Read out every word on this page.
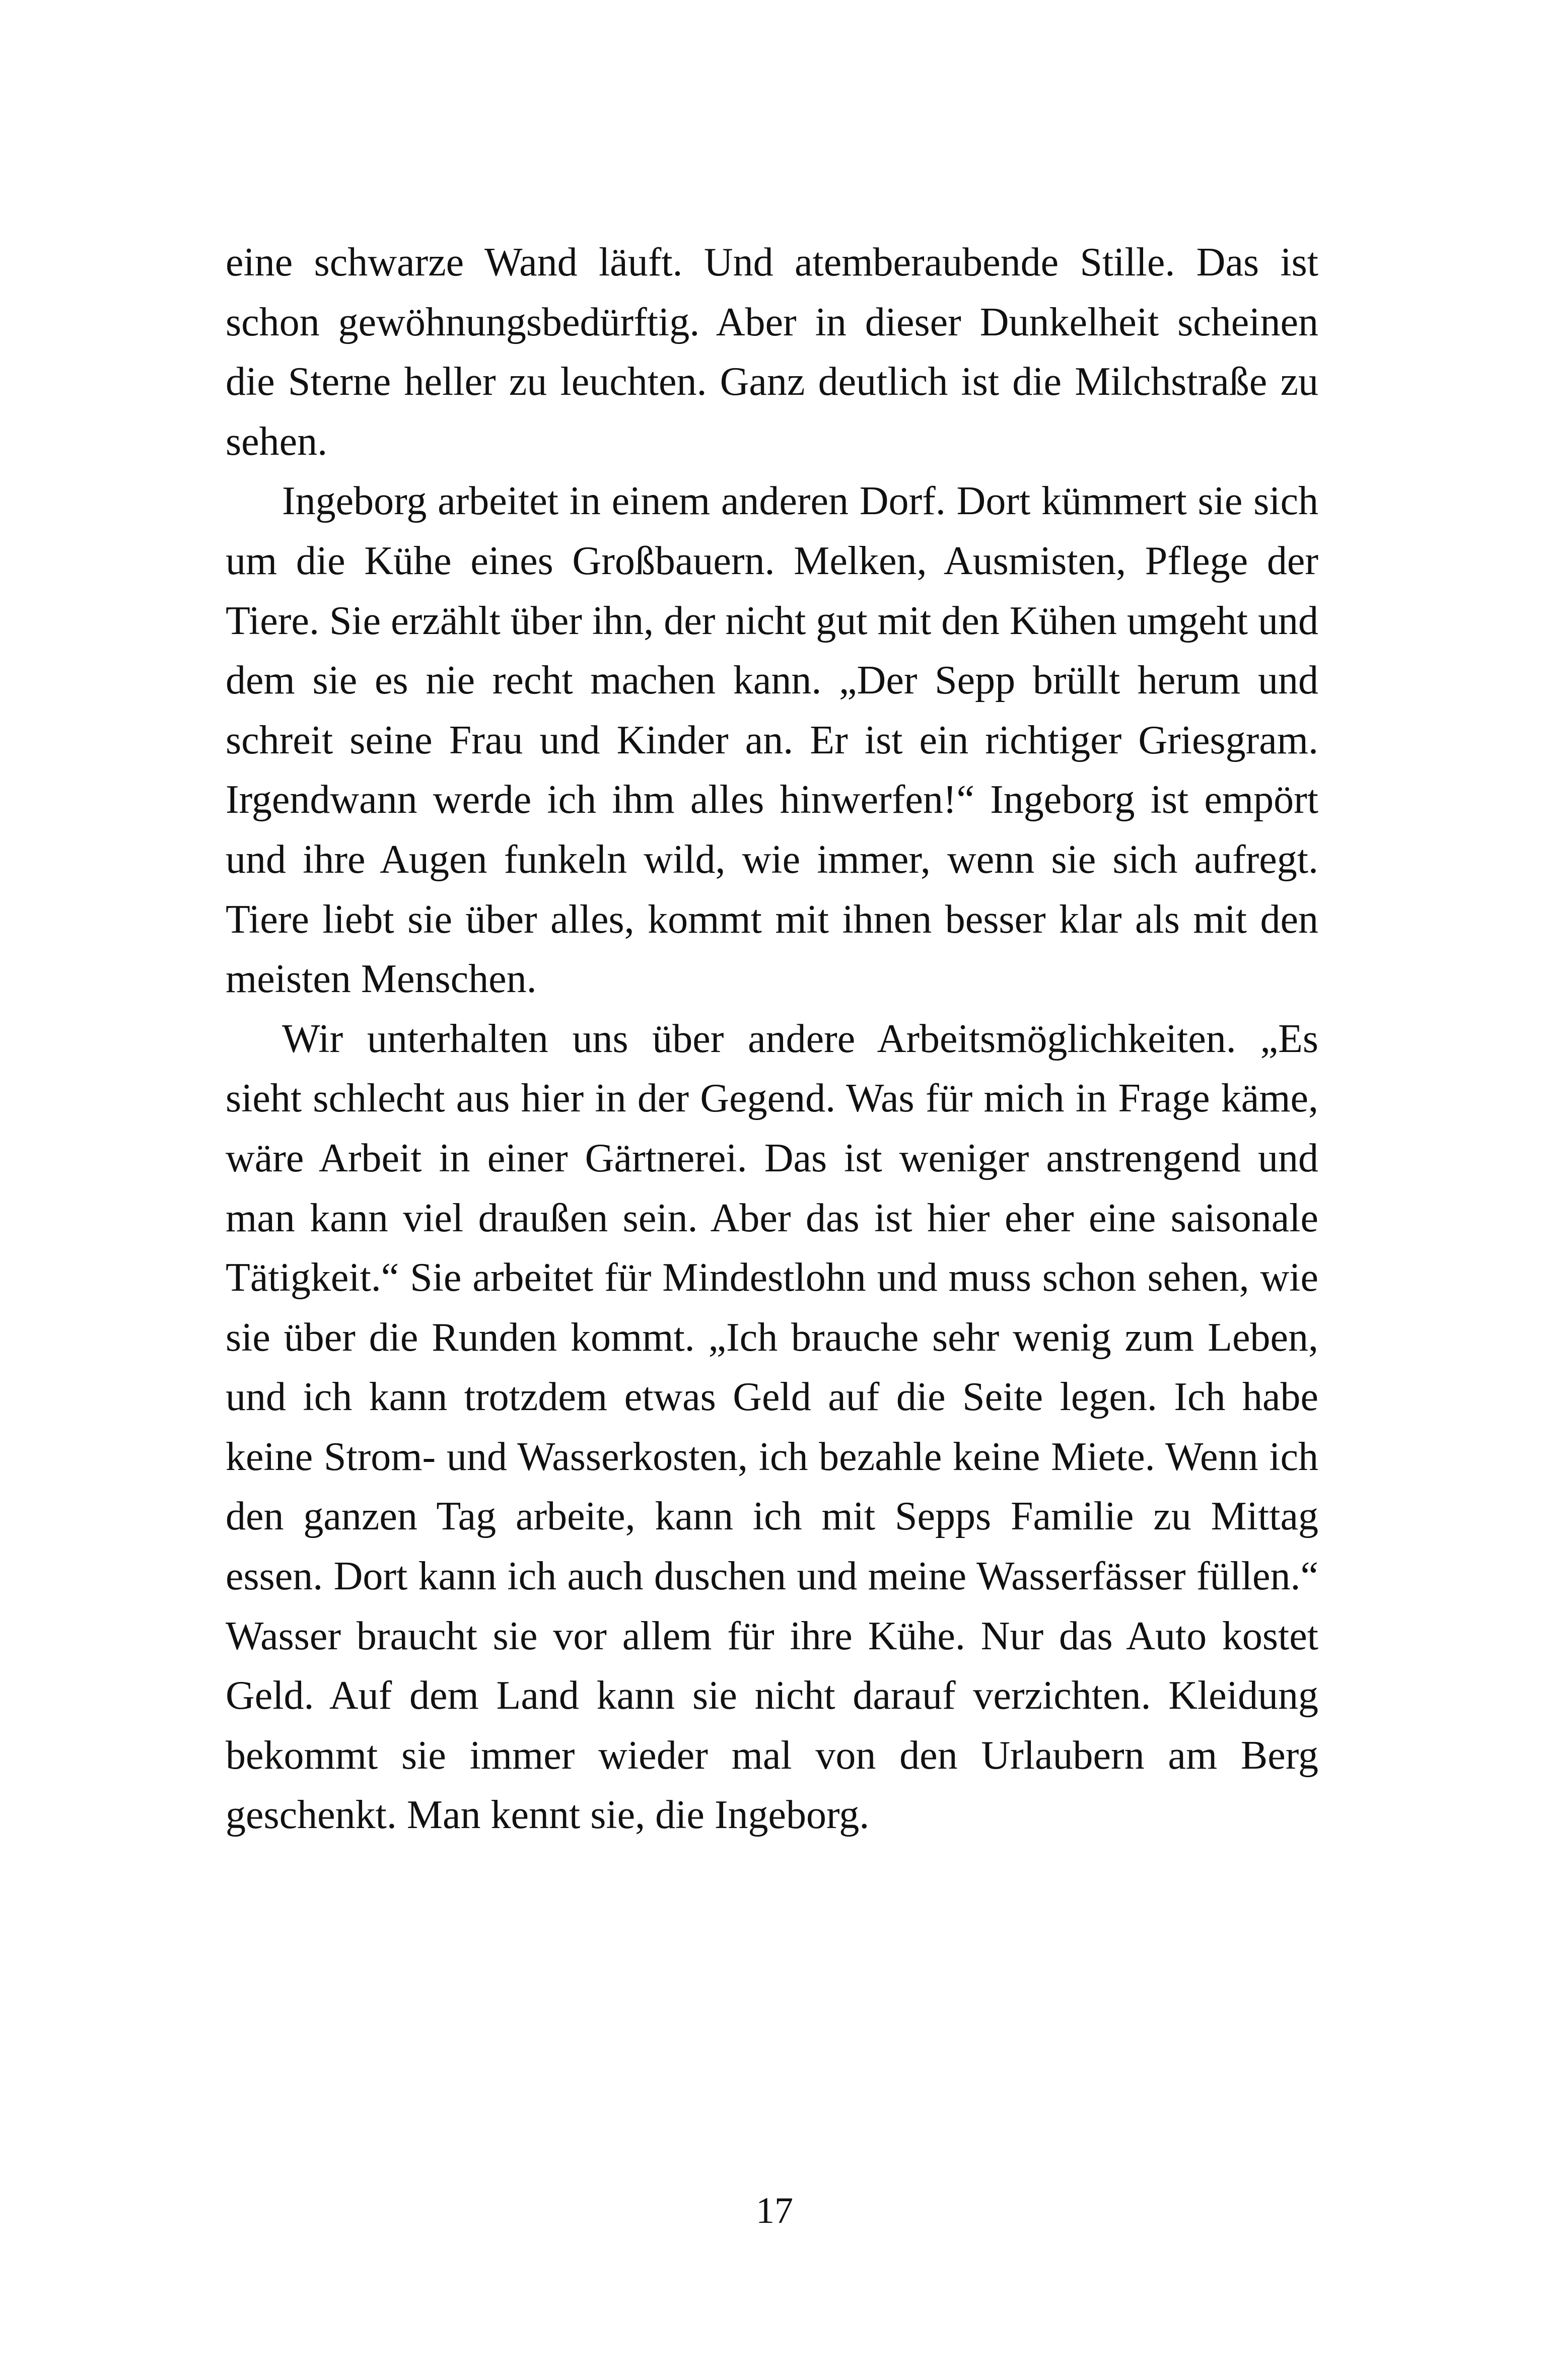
eine schwarze Wand läuft. Und atemberaubende Stille. Das ist schon gewöhnungsbedürftig. Aber in dieser Dunkelheit scheinen die Sterne heller zu leuchten. Ganz deutlich ist die Milchstraße zu sehen.

Ingeborg arbeitet in einem anderen Dorf. Dort kümmert sie sich um die Kühe eines Großbauern. Melken, Ausmisten, Pflege der Tiere. Sie erzählt über ihn, der nicht gut mit den Kühen umgeht und dem sie es nie recht machen kann. „Der Sepp brüllt herum und schreit seine Frau und Kinder an. Er ist ein richtiger Griesgram. Irgendwann werde ich ihm alles hinwerfen!“ Ingeborg ist empört und ihre Augen funkeln wild, wie immer, wenn sie sich aufregt. Tiere liebt sie über alles, kommt mit ihnen besser klar als mit den meisten Menschen.

Wir unterhalten uns über andere Arbeitsmöglichkeiten. „Es sieht schlecht aus hier in der Gegend. Was für mich in Frage käme, wäre Arbeit in einer Gärtnerei. Das ist weniger anstrengend und man kann viel draußen sein. Aber das ist hier eher eine saisonale Tätigkeit.“ Sie arbeitet für Mindestlohn und muss schon sehen, wie sie über die Runden kommt. „Ich brauche sehr wenig zum Leben, und ich kann trotzdem etwas Geld auf die Seite legen. Ich habe keine Strom- und Wasserkosten, ich bezahle keine Miete. Wenn ich den ganzen Tag arbeite, kann ich mit Sepps Familie zu Mittag essen. Dort kann ich auch duschen und meine Wasserfässer füllen.“ Wasser braucht sie vor allem für ihre Kühe. Nur das Auto kostet Geld. Auf dem Land kann sie nicht darauf verzichten. Kleidung bekommt sie immer wieder mal von den Urlaubern am Berg geschenkt. Man kennt sie, die Ingeborg.

17
